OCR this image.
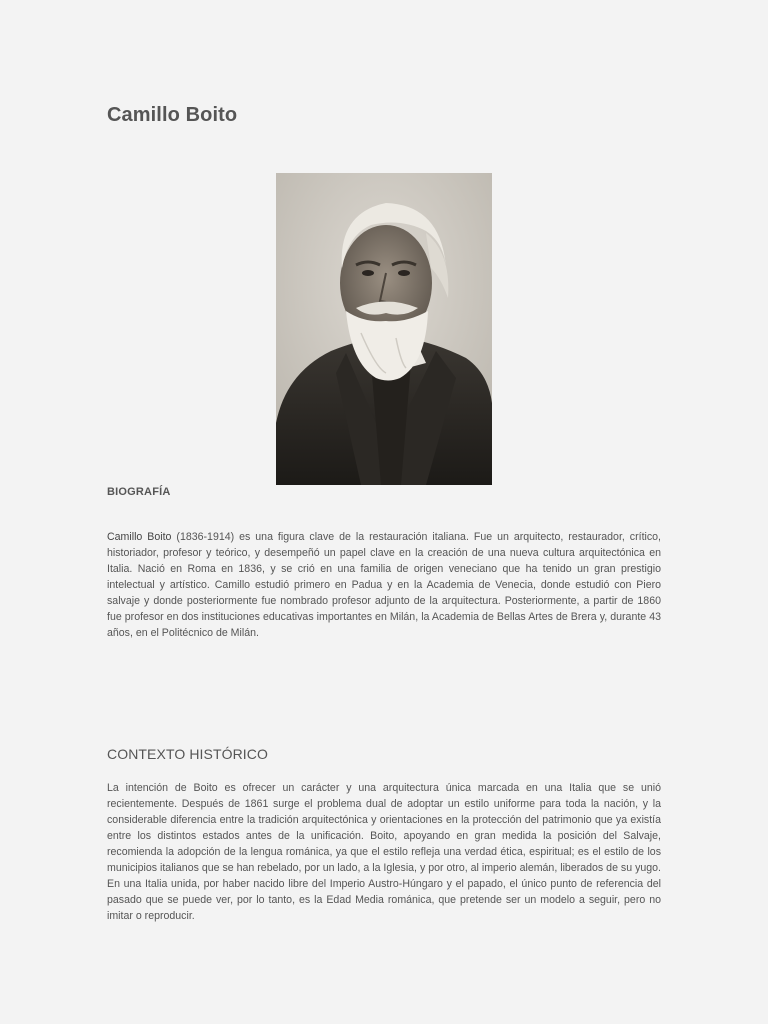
Camillo Boito
BIOGRAFÍA

Camillo Boito (1836-1914) es una figura clave de la restauración italiana. Fue un arquitecto, restaurador, crítico, historiador, profesor y teórico, y desempeñó un papel clave en la creación de una nueva cultura arquitectónica en Italia. Nació en Roma en 1836, y se crió en una familia de origen veneciano que ha tenido un gran prestigio intelectual y artístico. Camillo estudió primero en Padua y en la Academia de Venecia, donde estudió con Piero salvaje y donde posteriormente fue nombrado profesor adjunto de la arquitectura. Posteriormente, a partir de 1860 fue profesor en dos instituciones educativas importantes en Milán, la Academia de Bellas Artes de Brera y, durante 43 años, en el Politécnico de Milán.

CONTEXTO HISTÓRICO

La intención de Boito es ofrecer un carácter y una arquitectura única marcada en una Italia que se unió recientemente. Después de 1861 surge el problema dual de adoptar un estilo uniforme para toda la nación, y la considerable diferencia entre la tradición arquitectónica y orientaciones en la protección del patrimonio que ya existía entre los distintos estados antes de la unificación. Boito, apoyando en gran medida la posición del Salvaje, recomienda la adopción de la lengua románica, ya que el estilo refleja una verdad ética, espiritual; es el estilo de los municipios italianos que se han rebelado, por un lado, a la Iglesia, y por otro, al imperio alemán, liberados de su yugo. En una Italia unida, por haber nacido libre del Imperio Austro-Húngaro y el papado, el único punto de referencia del pasado que se puede ver, por lo tanto, es la Edad Media románica, que pretende ser un modelo a seguir, pero no imitar o reproducir.
